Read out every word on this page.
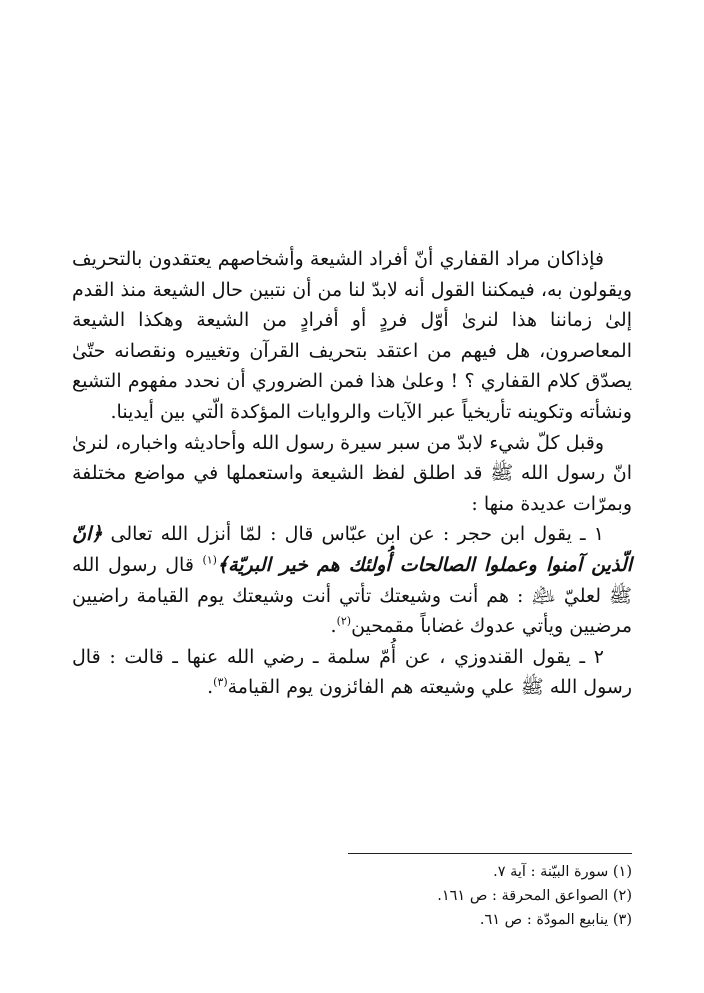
فإذاكان مراد القفاري أنّ أفراد الشيعة وأشخاصهم يعتقدون بالتحريف ويقولون به، فيمكننا القول أنه لابدّ لنا من أن نتبين حال الشيعة منذ القدم إلىٰ زماننا هذا لنرىٰ أوّل فردٍ أو أفرادٍ من الشيعة وهكذا الشيعة المعاصرون، هل فيهم من اعتقد بتحريف القرآن وتغييره ونقصانه حتّىٰ يصدّق كلام القفاري ؟ ! وعلىٰ هذا فمن الضروري أن نحدد مفهوم التشيع ونشأته وتكوينه تأريخياً عبر الآيات والروايات المؤكدة الّتي بين أيدينا.

وقبل كلّ شيء لابدّ من سبر سيرة رسول الله وأحاديثه واخباره، لنرىٰ انّ رسول الله ﷺ قد اطلق لفظ الشيعة واستعملها في مواضع مختلفة وبمرّات عديدة منها :

١ ـ يقول ابن حجر : عن ابن عبّاس قال : لمّا أنزل الله تعالى ﴿انّ الّذين آمنوا وعملوا الصالحات أُولئك هم خير البريّة﴾$^{(١)}$ قال رسول الله ﷺ لعليّ ﵇ : هم أنت وشيعتك تأتي أنت وشيعتك يوم القيامة راضيين مرضيين ويأتي عدوك غضاباً مقمحين$^{(٢)}$.

٢ ـ يقول القندوزي ، عن أُمّ سلمة ـ رضي الله عنها ـ قالت : قال رسول الله ﷺ علي وشيعته هم الفائزون يوم القيامة$^{(٣)}$.

(١) سورة البيّنة : آية ٧.
(٢) الصواعق المحرقة : ص ١٦١.
(٣) ينابيع المودّة : ص ٦١.
